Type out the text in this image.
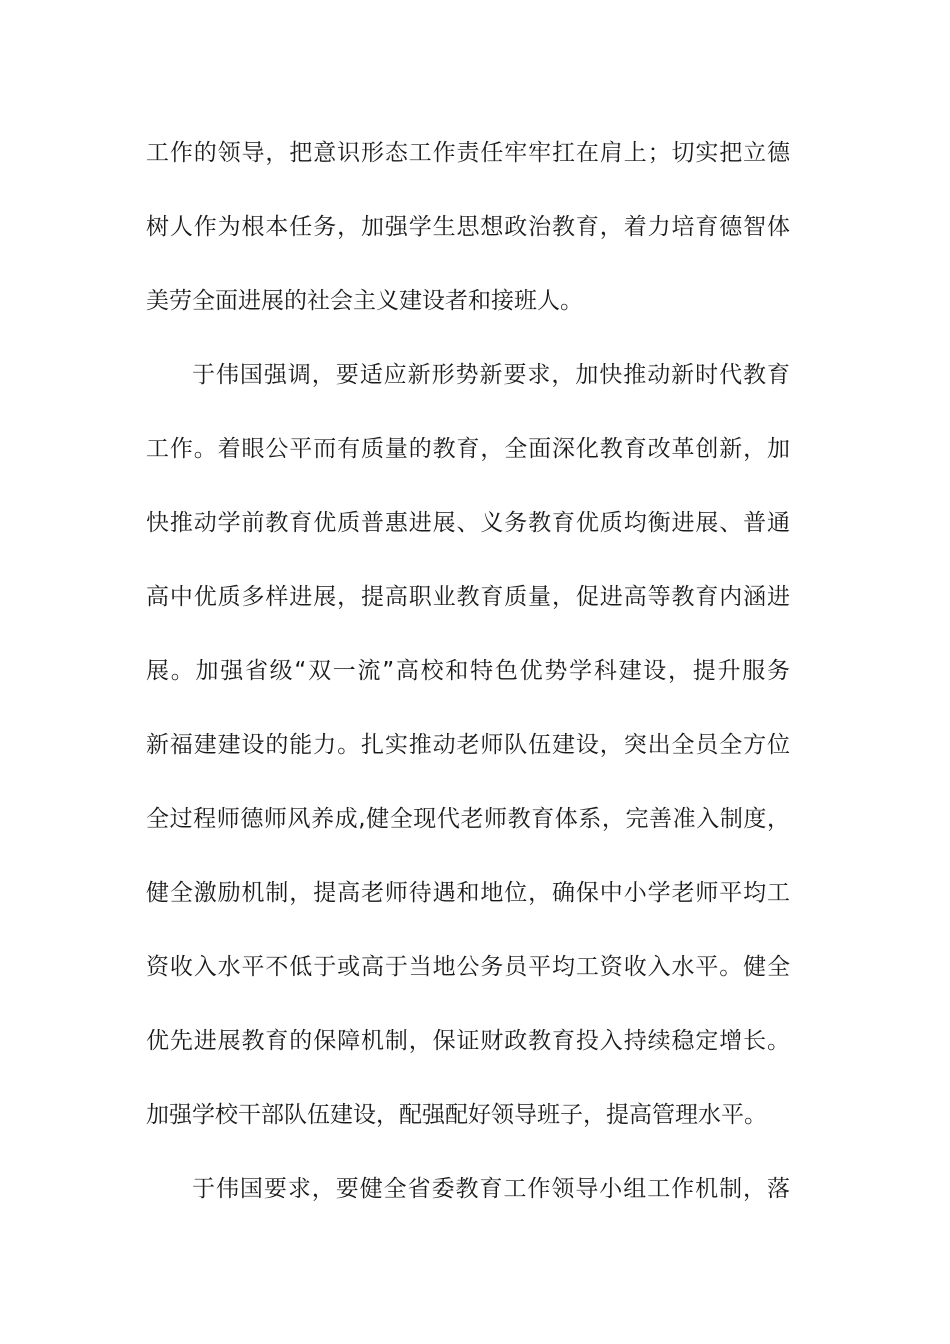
工作的领导，把意识形态工作责任牢牢扛在肩上；切实把立德
树人作为根本任务，加强学生思想政治教育，着力培育德智体
美劳全面进展的社会主义建设者和接班人。
于伟国强调，要适应新形势新要求，加快推动新时代教育
工作。着眼公平而有质量的教育，全面深化教育改革创新，加
快推动学前教育优质普惠进展、义务教育优质均衡进展、普通
高中优质多样进展，提高职业教育质量，促进高等教育内涵进
展。加强省级“双一流”高校和特色优势学科建设，提升服务
新福建建设的能力。扎实推动老师队伍建设，突出全员全方位
全过程师德师风养成,健全现代老师教育体系，完善准入制度，
健全激励机制，提高老师待遇和地位，确保中小学老师平均工
资收入水平不低于或高于当地公务员平均工资收入水平。健全
优先进展教育的保障机制，保证财政教育投入持续稳定增长。
加强学校干部队伍建设，配强配好领导班子，提高管理水平。
于伟国要求，要健全省委教育工作领导小组工作机制，落
